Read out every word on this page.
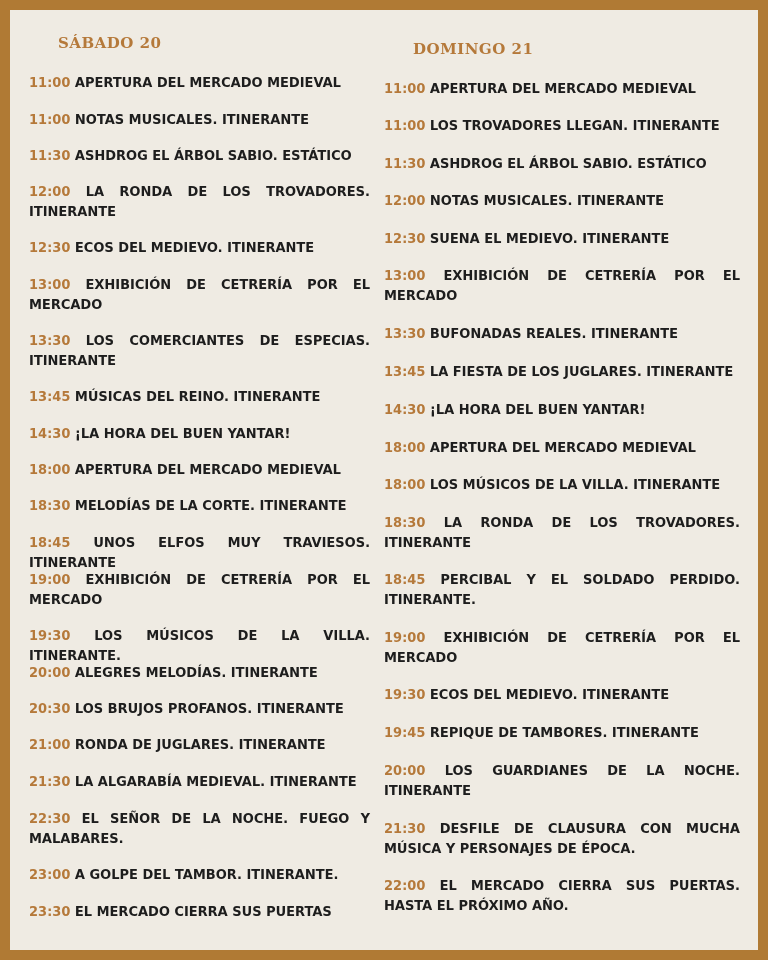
SÁBADO 20
11:00 APERTURA DEL MERCADO MEDIEVAL
11:00 NOTAS MUSICALES. ITINERANTE
11:30 ASHDROG EL ÁRBOL SABIO. ESTÁTICO
12:00 LA RONDA DE LOS TROVADORES. ITINERANTE
12:30 ECOS DEL MEDIEVO. ITINERANTE
13:00 EXHIBICIÓN DE CETRERÍA POR EL MERCADO
13:30 LOS COMERCIANTES DE ESPECIAS. ITINERANTE
13:45 MÚSICAS DEL REINO. ITINERANTE
14:30 ¡LA HORA DEL BUEN YANTAR!
18:00 APERTURA DEL MERCADO MEDIEVAL
18:30 MELODÍAS DE LA CORTE. ITINERANTE
18:45 UNOS ELFOS MUY TRAVIESOS. ITINERANTE
19:00 EXHIBICIÓN DE CETRERÍA POR EL MERCADO
19:30 LOS MÚSICOS DE LA VILLA. ITINERANTE.
20:00 ALEGRES MELODÍAS. ITINERANTE
20:30 LOS BRUJOS PROFANOS. ITINERANTE
21:00 RONDA DE JUGLARES. ITINERANTE
21:30 LA ALGARABÍA MEDIEVAL. ITINERANTE
22:30 EL SEÑOR DE LA NOCHE. FUEGO Y MALABARES.
23:00 A GOLPE DEL TAMBOR. ITINERANTE.
23:30 EL MERCADO CIERRA SUS PUERTAS
DOMINGO 21
11:00 APERTURA DEL MERCADO MEDIEVAL
11:00 LOS TROVADORES LLEGAN. ITINERANTE
11:30 ASHDROG EL ÁRBOL SABIO. ESTÁTICO
12:00 NOTAS MUSICALES. ITINERANTE
12:30 SUENA EL MEDIEVO. ITINERANTE
13:00 EXHIBICIÓN DE CETRERÍA POR EL MERCADO
13:30 BUFONADAS REALES. ITINERANTE
13:45 LA FIESTA DE LOS JUGLARES. ITINERANTE
14:30 ¡LA HORA DEL BUEN YANTAR!
18:00 APERTURA DEL MERCADO MEDIEVAL
18:00 LOS MÚSICOS DE LA VILLA. ITINERANTE
18:30 LA RONDA DE LOS TROVADORES. ITINERANTE
18:45 PERCIBAL Y EL SOLDADO PERDIDO. ITINERANTE.
19:00 EXHIBICIÓN DE CETRERÍA POR EL MERCADO
19:30 ECOS DEL MEDIEVO. ITINERANTE
19:45 REPIQUE DE TAMBORES. ITINERANTE
20:00 LOS GUARDIANES DE LA NOCHE. ITINERANTE
21:30 DESFILE DE CLAUSURA CON MUCHA MÚSICA Y PERSONAJES DE ÉPOCA.
22:00 EL MERCADO CIERRA SUS PUERTAS. HASTA EL PRÓXIMO AÑO.
